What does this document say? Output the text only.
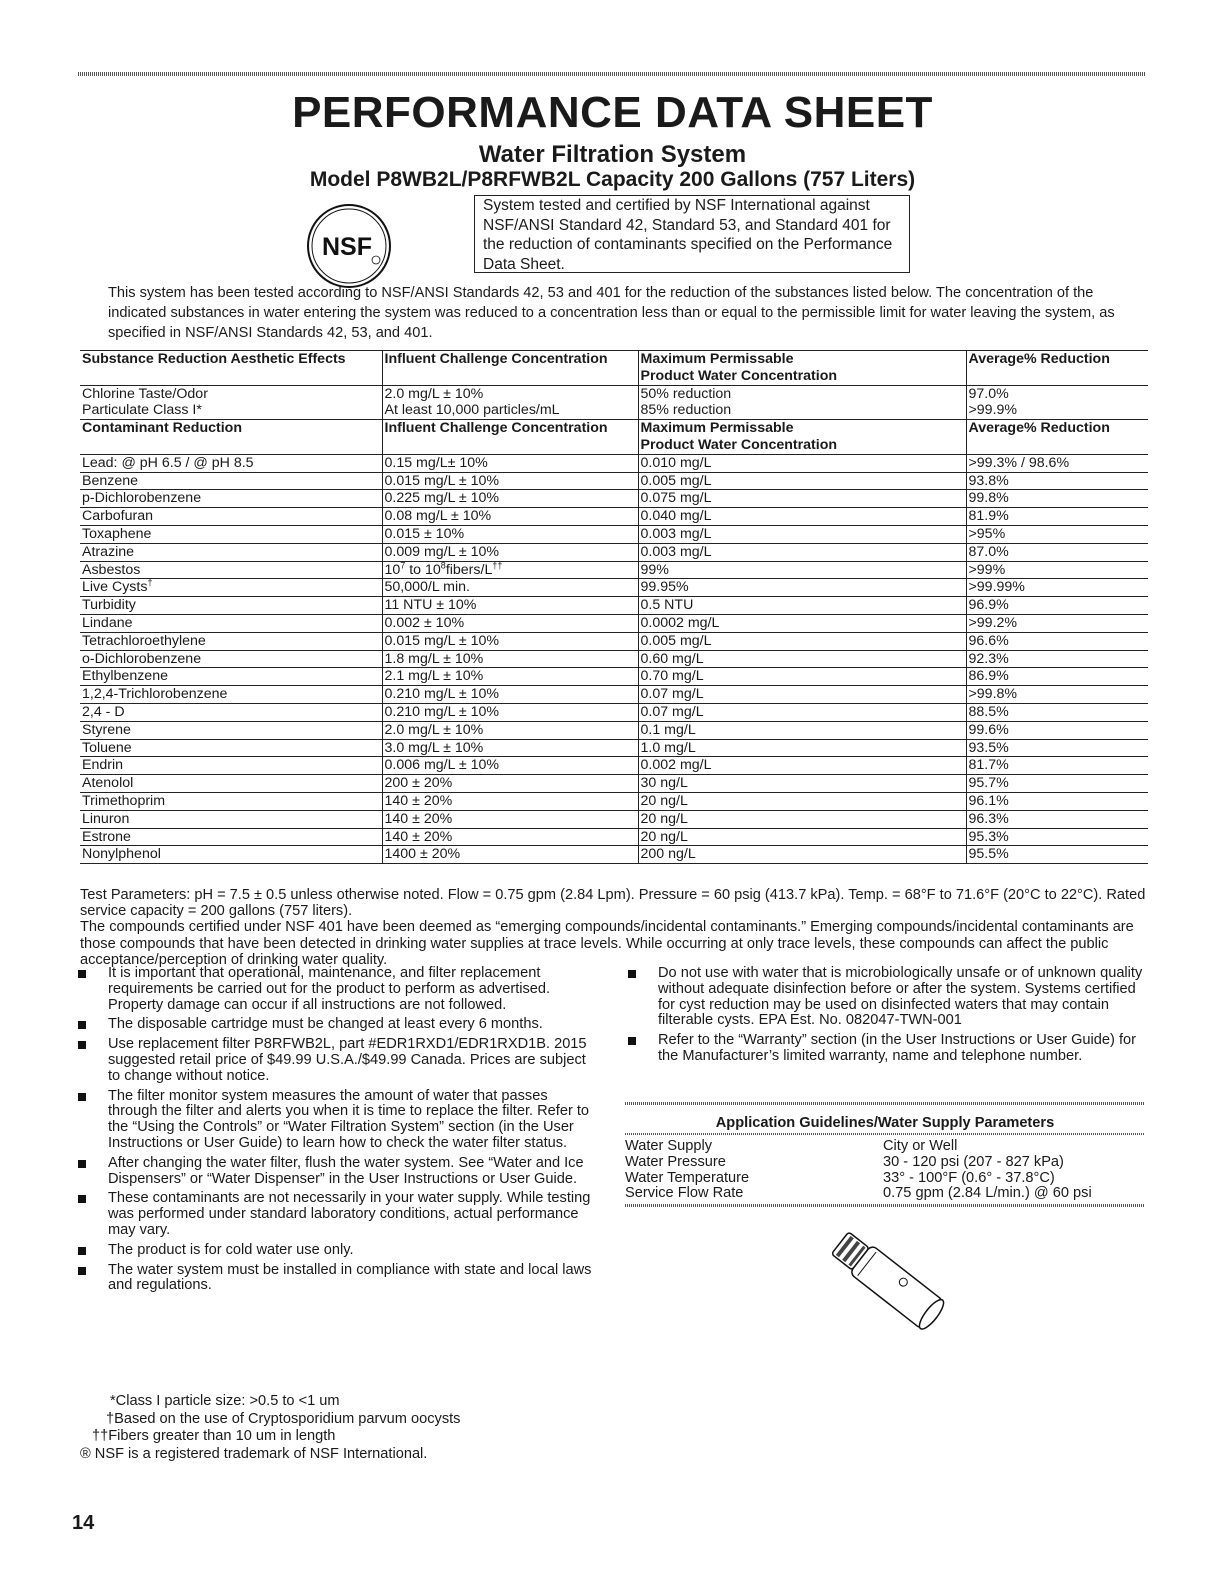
PERFORMANCE DATA SHEET
Water Filtration System
Model P8WB2L/P8RFWB2L Capacity 200 Gallons (757 Liters)
NSF
System tested and certified by NSF International against NSF/ANSI Standard 42, Standard 53, and Standard 401 for the reduction of contaminants specified on the Performance Data Sheet.
This system has been tested according to NSF/ANSI Standards 42, 53 and 401 for the reduction of the substances listed below. The concentration of the indicated substances in water entering the system was reduced to a concentration less than or equal to the permissible limit for water leaving the system, as specified in NSF/ANSI Standards 42, 53, and 401.
Substance Reduction Aesthetic Effects	Influent Challenge Concentration	Maximum Permissable
Product Water Concentration	Average% Reduction
Chlorine Taste/Odor	2.0 mg/L ± 10%	50% reduction	97.0%
Particulate Class I*	At least 10,000 particles/mL	85% reduction	>99.9%
Contaminant Reduction	Influent Challenge Concentration	Maximum Permissable
Product Water Concentration	Average% Reduction
Lead: @ pH 6.5 / @ pH 8.5	0.15 mg/L± 10%	0.010 mg/L	>99.3% / 98.6%
Benzene	0.015 mg/L ± 10%	0.005 mg/L	93.8%
p-Dichlorobenzene	0.225 mg/L ± 10%	0.075 mg/L	99.8%
Carbofuran	0.08 mg/L ± 10%	0.040 mg/L	81.9%
Toxaphene	0.015 ± 10%	0.003 mg/L	>95%
Atrazine	0.009 mg/L ± 10%	0.003 mg/L	87.0%
Asbestos	$10^7$ to $10^8fibers/L^{\dagger\dagger}$	99%	>99%
Live Cysts†	50,000/L min.	99.95%	>99.99%
Turbidity	11 NTU ± 10%	0.5 NTU	96.9%
Lindane	0.002 ± 10%	0.0002 mg/L	>99.2%
Tetrachloroethylene	0.015 mg/L ± 10%	0.005 mg/L	96.6%
o-Dichlorobenzene	1.8 mg/L ± 10%	0.60 mg/L	92.3%
Ethylbenzene	2.1 mg/L ± 10%	0.70 mg/L	86.9%
1,2,4-Trichlorobenzene	0.210 mg/L ± 10%	0.07 mg/L	>99.8%
2,4 - D	0.210 mg/L ± 10%	0.07 mg/L	88.5%
Styrene	2.0 mg/L ± 10%	0.1 mg/L	99.6%
Toluene	3.0 mg/L ± 10%	1.0 mg/L	93.5%
Endrin	0.006 mg/L ± 10%	0.002 mg/L	81.7%
Atenolol	200 ± 20%	30 ng/L	95.7%
Trimethoprim	140 ± 20%	20 ng/L	96.1%
Linuron	140 ± 20%	20 ng/L	96.3%
Estrone	140 ± 20%	20 ng/L	95.3%
Nonylphenol	1400 ± 20%	200 ng/L	95.5%
Test Parameters: pH = 7.5 ± 0.5 unless otherwise noted. Flow = 0.75 gpm (2.84 Lpm). Pressure = 60 psig (413.7 kPa). Temp. = 68°F to 71.6°F (20°C to 22°C). Rated service capacity = 200 gallons (757 liters).
The compounds certified under NSF 401 have been deemed as “emerging compounds/incidental contaminants.” Emerging compounds/incidental contaminants are those compounds that have been detected in drinking water supplies at trace levels. While occurring at only trace levels, these compounds can affect the public acceptance/perception of drinking water quality.
It is important that operational, maintenance, and filter replacement requirements be carried out for the product to perform as advertised. Property damage can occur if all instructions are not followed.
The disposable cartridge must be changed at least every 6 months.
Use replacement filter P8RFWB2L, part #EDR1RXD1/EDR1RXD1B. 2015 suggested retail price of $49.99 U.S.A./$49.99 Canada. Prices are subject to change without notice.
The filter monitor system measures the amount of water that passes through the filter and alerts you when it is time to replace the filter. Refer to the “Using the Controls” or “Water Filtration System” section (in the User Instructions or User Guide) to learn how to check the water filter status.
After changing the water filter, flush the water system. See “Water and Ice Dispensers” or “Water Dispenser” in the User Instructions or User Guide.
These contaminants are not necessarily in your water supply. While testing was performed under standard laboratory conditions, actual performance may vary.
The product is for cold water use only.
The water system must be installed in compliance with state and local laws and regulations.
Do not use with water that is microbiologically unsafe or of unknown quality without adequate disinfection before or after the system. Systems certified for cyst reduction may be used on disinfected waters that may contain filterable cysts. EPA Est. No. 082047-TWN-001
Refer to the “Warranty” section (in the User Instructions or User Guide) for the Manufacturer’s limited warranty, name and telephone number.
Application Guidelines/Water Supply Parameters
Water Supply	City or Well
Water Pressure	30 - 120 psi (207 - 827 kPa)
Water Temperature	33° - 100°F (0.6° - 37.8°C)
Service Flow Rate	0.75 gpm (2.84 L/min.) @ 60 psi
*Class I particle size: >0.5 to <1 um
†Based on the use of Cryptosporidium parvum oocysts
††Fibers greater than 10 um in length
® NSF is a registered trademark of NSF International.
14
